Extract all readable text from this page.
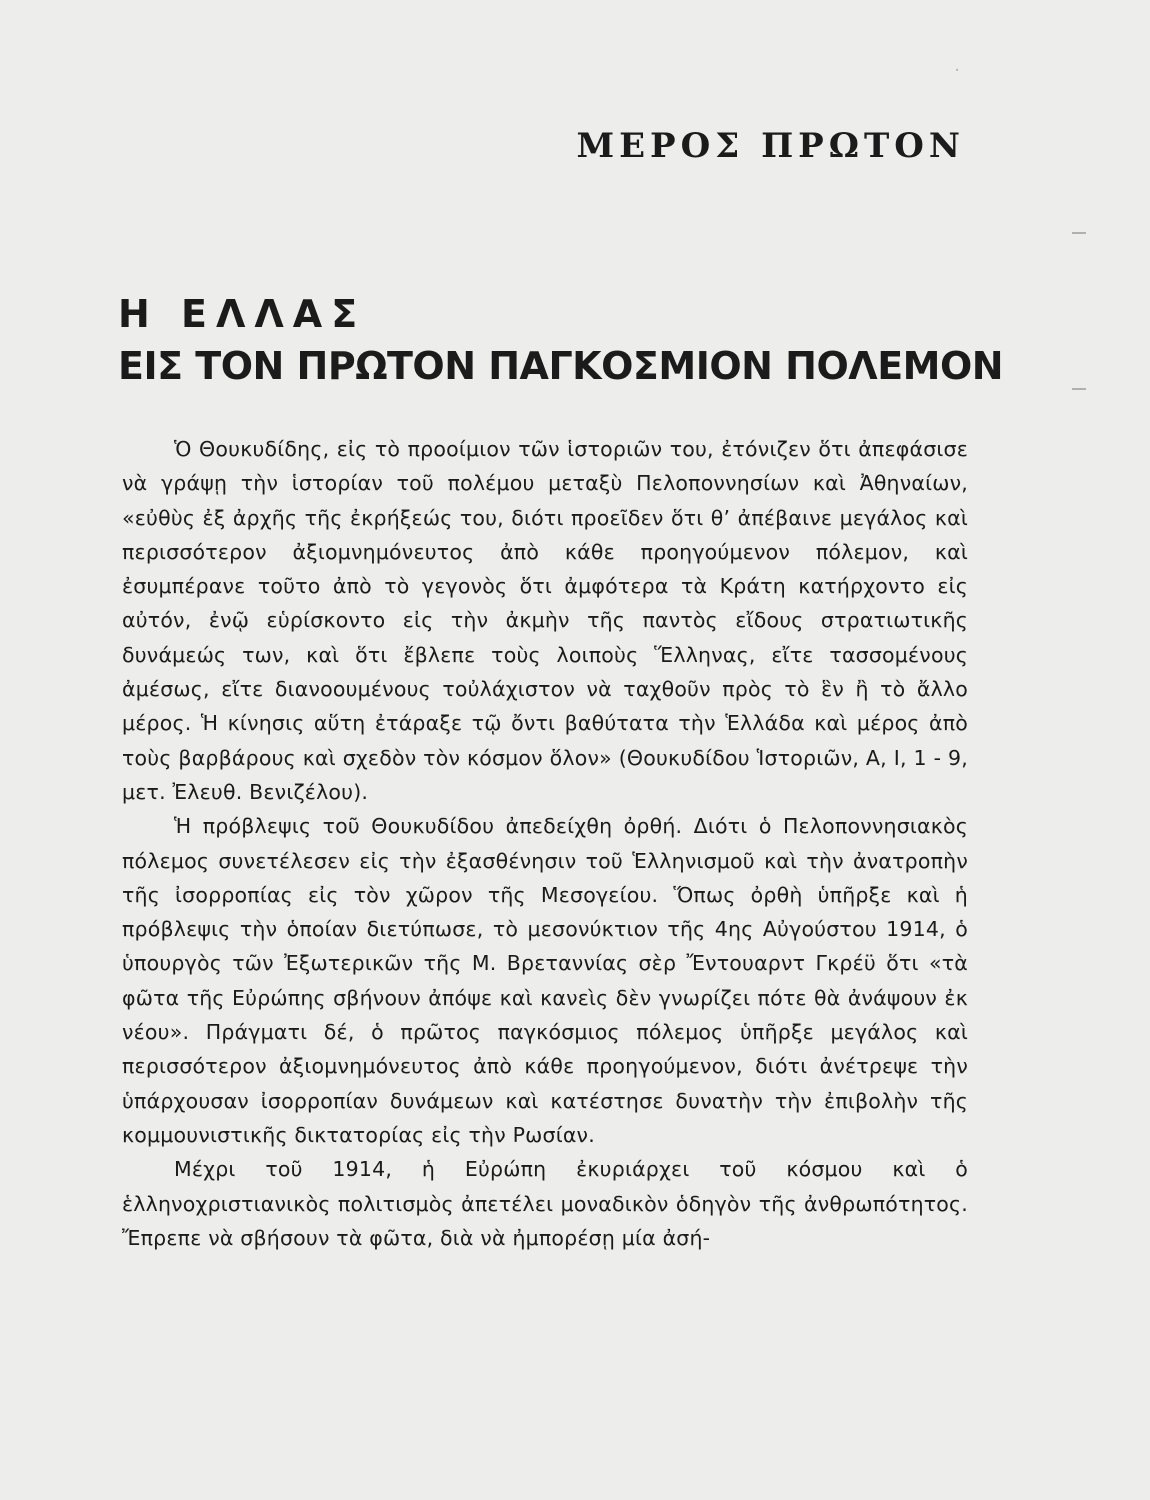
·
ΜΕΡΟΣ ΠΡΩΤΟΝ
Η ΕΛΛΑΣ
ΕΙΣ ΤΟΝ ΠΡΩΤΟΝ ΠΑΓΚΟΣΜΙΟΝ ΠΟΛΕΜΟΝ

Ὁ Θουκυδίδης, εἰς τὸ προοίμιον τῶν ἱστοριῶν του, ἐτόνιζεν ὅτι ἀπεφάσισε νὰ γράψῃ τὴν ἱστορίαν τοῦ πολέμου μεταξὺ Πελοποννησίων καὶ Ἀθηναίων, «εὐθὺς ἐξ ἀρχῆς τῆς ἐκρήξεώς του, διότι προεῖδεν ὅτι θ’ ἀπέβαινε μεγάλος καὶ περισσότερον ἀξιομνημόνευτος ἀπὸ κάθε προηγούμενον πόλεμον, καὶ ἐσυμπέρανε τοῦτο ἀπὸ τὸ γεγονὸς ὅτι ἀμφότερα τὰ Κράτη κατήρχοντο εἰς αὐτόν, ἐνῷ εὑρίσκοντο εἰς τὴν ἀκμὴν τῆς παντὸς εἴδους στρατιωτικῆς δυνάμεώς των, καὶ ὅτι ἔβλεπε τοὺς λοιποὺς Ἕλληνας, εἴτε τασσομένους ἀμέσως, εἴτε διανοουμένους τοὐλάχιστον νὰ ταχθοῦν πρὸς τὸ ἓν ἢ τὸ ἄλλο μέρος. Ἡ κίνησις αὕτη ἐτάραξε τῷ ὄντι βαθύτατα τὴν Ἑλλάδα καὶ μέρος ἀπὸ τοὺς βαρβάρους καὶ σχεδὸν τὸν κόσμον ὅλον» (Θουκυδίδου Ἱστοριῶν, Α, Ι, 1 - 9, μετ. Ἐλευθ. Βενιζέλου).

Ἡ πρόβλεψις τοῦ Θουκυδίδου ἀπεδείχθη ὀρθή. Διότι ὁ Πελοποννησιακὸς πόλεμος συνετέλεσεν εἰς τὴν ἐξασθένησιν τοῦ Ἑλληνισμοῦ καὶ τὴν ἀνατροπὴν τῆς ἰσορροπίας εἰς τὸν χῶρον τῆς Μεσογείου. Ὅπως ὀρθὴ ὑπῆρξε καὶ ἡ πρόβλεψις τὴν ὁποίαν διετύπωσε, τὸ μεσονύκτιον τῆς 4ης Αὐγούστου 1914, ὁ ὑπουργὸς τῶν Ἐξωτερικῶν τῆς Μ. Βρεταννίας σὲρ Ἔντουαρντ Γκρέϋ ὅτι «τὰ φῶτα τῆς Εὐρώπης σβήνουν ἀπόψε καὶ κανεὶς δὲν γνωρίζει πότε θὰ ἀνάψουν ἐκ νέου». Πράγματι δέ, ὁ πρῶτος παγκόσμιος πόλεμος ὑπῆρξε μεγάλος καὶ περισσότερον ἀξιομνημόνευτος ἀπὸ κάθε προηγούμενον, διότι ἀνέτρεψε τὴν ὑπάρχουσαν ἰσορροπίαν δυνάμεων καὶ κατέστησε δυνατὴν τὴν ἐπιβολὴν τῆς κομμουνιστικῆς δικτατορίας εἰς τὴν Ρωσίαν.

Μέχρι τοῦ 1914, ἡ Εὐρώπη ἐκυριάρχει τοῦ κόσμου καὶ ὁ ἑλληνοχριστιανικὸς πολιτισμὸς ἀπετέλει μοναδικὸν ὁδηγὸν τῆς ἀνθρωπότητος. Ἔπρεπε νὰ σβήσουν τὰ φῶτα, διὰ νὰ ἠμπορέσῃ μία ἀσή-
